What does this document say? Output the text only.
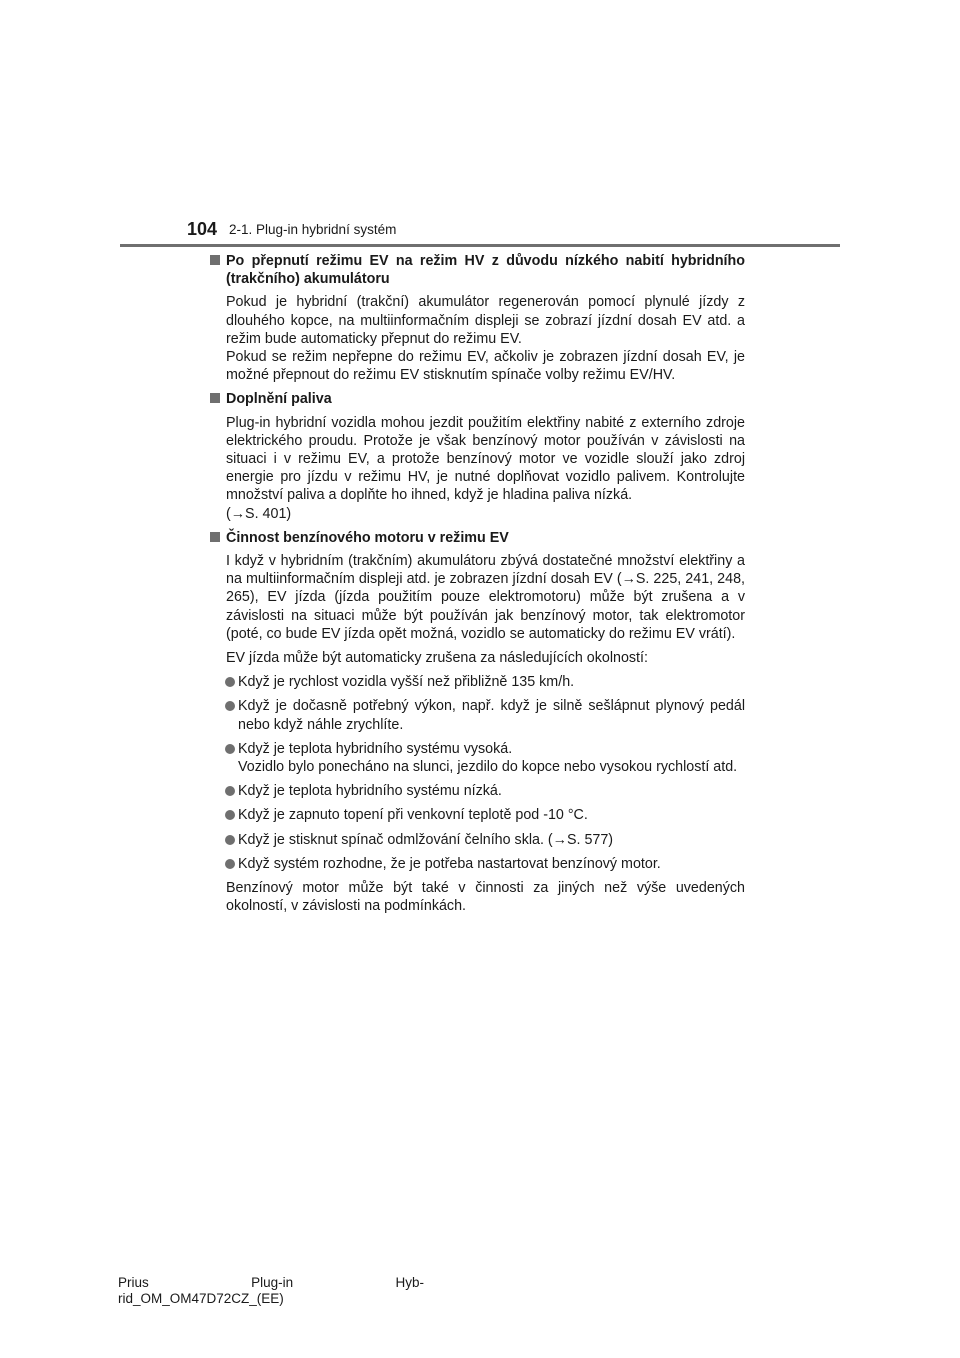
104 2-1. Plug-in hybridní systém
Po přepnutí režimu EV na režim HV z důvodu nízkého nabití hybridního (trakčního) akumulátoru
Pokud je hybridní (trakční) akumulátor regenerován pomocí plynulé jízdy z dlouhého kopce, na multiinformačním displeji se zobrazí jízdní dosah EV atd. a režim bude automaticky přepnut do režimu EV.
Pokud se režim nepřepne do režimu EV, ačkoliv je zobrazen jízdní dosah EV, je možné přepnout do režimu EV stisknutím spínače volby režimu EV/HV.
Doplnění paliva
Plug-in hybridní vozidla mohou jezdit použitím elektřiny nabité z externího zdroje elektrického proudu. Protože je však benzínový motor používán v závislosti na situaci i v režimu EV, a protože benzínový motor ve vozidle slouží jako zdroj energie pro jízdu v režimu HV, je nutné doplňovat vozidlo palivem. Kontrolujte množství paliva a doplňte ho ihned, když je hladina paliva nízká.
(→S. 401)
Činnost benzínového motoru v režimu EV
I když v hybridním (trakčním) akumulátoru zbývá dostatečné množství elektřiny a na multiinformačním displeji atd. je zobrazen jízdní dosah EV (→S. 225, 241, 248, 265), EV jízda (jízda použitím pouze elektromotoru) může být zrušena a v závislosti na situaci může být používán jak benzínový motor, tak elektromotor (poté, co bude EV jízda opět možná, vozidlo se automaticky do režimu EV vrátí).
EV jízda může být automaticky zrušena za následujících okolností:
Když je rychlost vozidla vyšší než přibližně 135 km/h.
Když je dočasně potřebný výkon, např. když je silně sešlápnut plynový pedál nebo když náhle zrychlíte.
Když je teplota hybridního systému vysoká.
Vozidlo bylo ponecháno na slunci, jezdilo do kopce nebo vysokou rychlostí atd.
Když je teplota hybridního systému nízká.
Když je zapnuto topení při venkovní teplotě pod -10 °C.
Když je stisknut spínač odmlžování čelního skla. (→S. 577)
Když systém rozhodne, že je potřeba nastartovat benzínový motor.
Benzínový motor může být také v činnosti za jiných než výše uvedených okolností, v závislosti na podmínkách.
Prius	Plug-in	Hyb-
rid_OM_OM47D72CZ_(EE)
